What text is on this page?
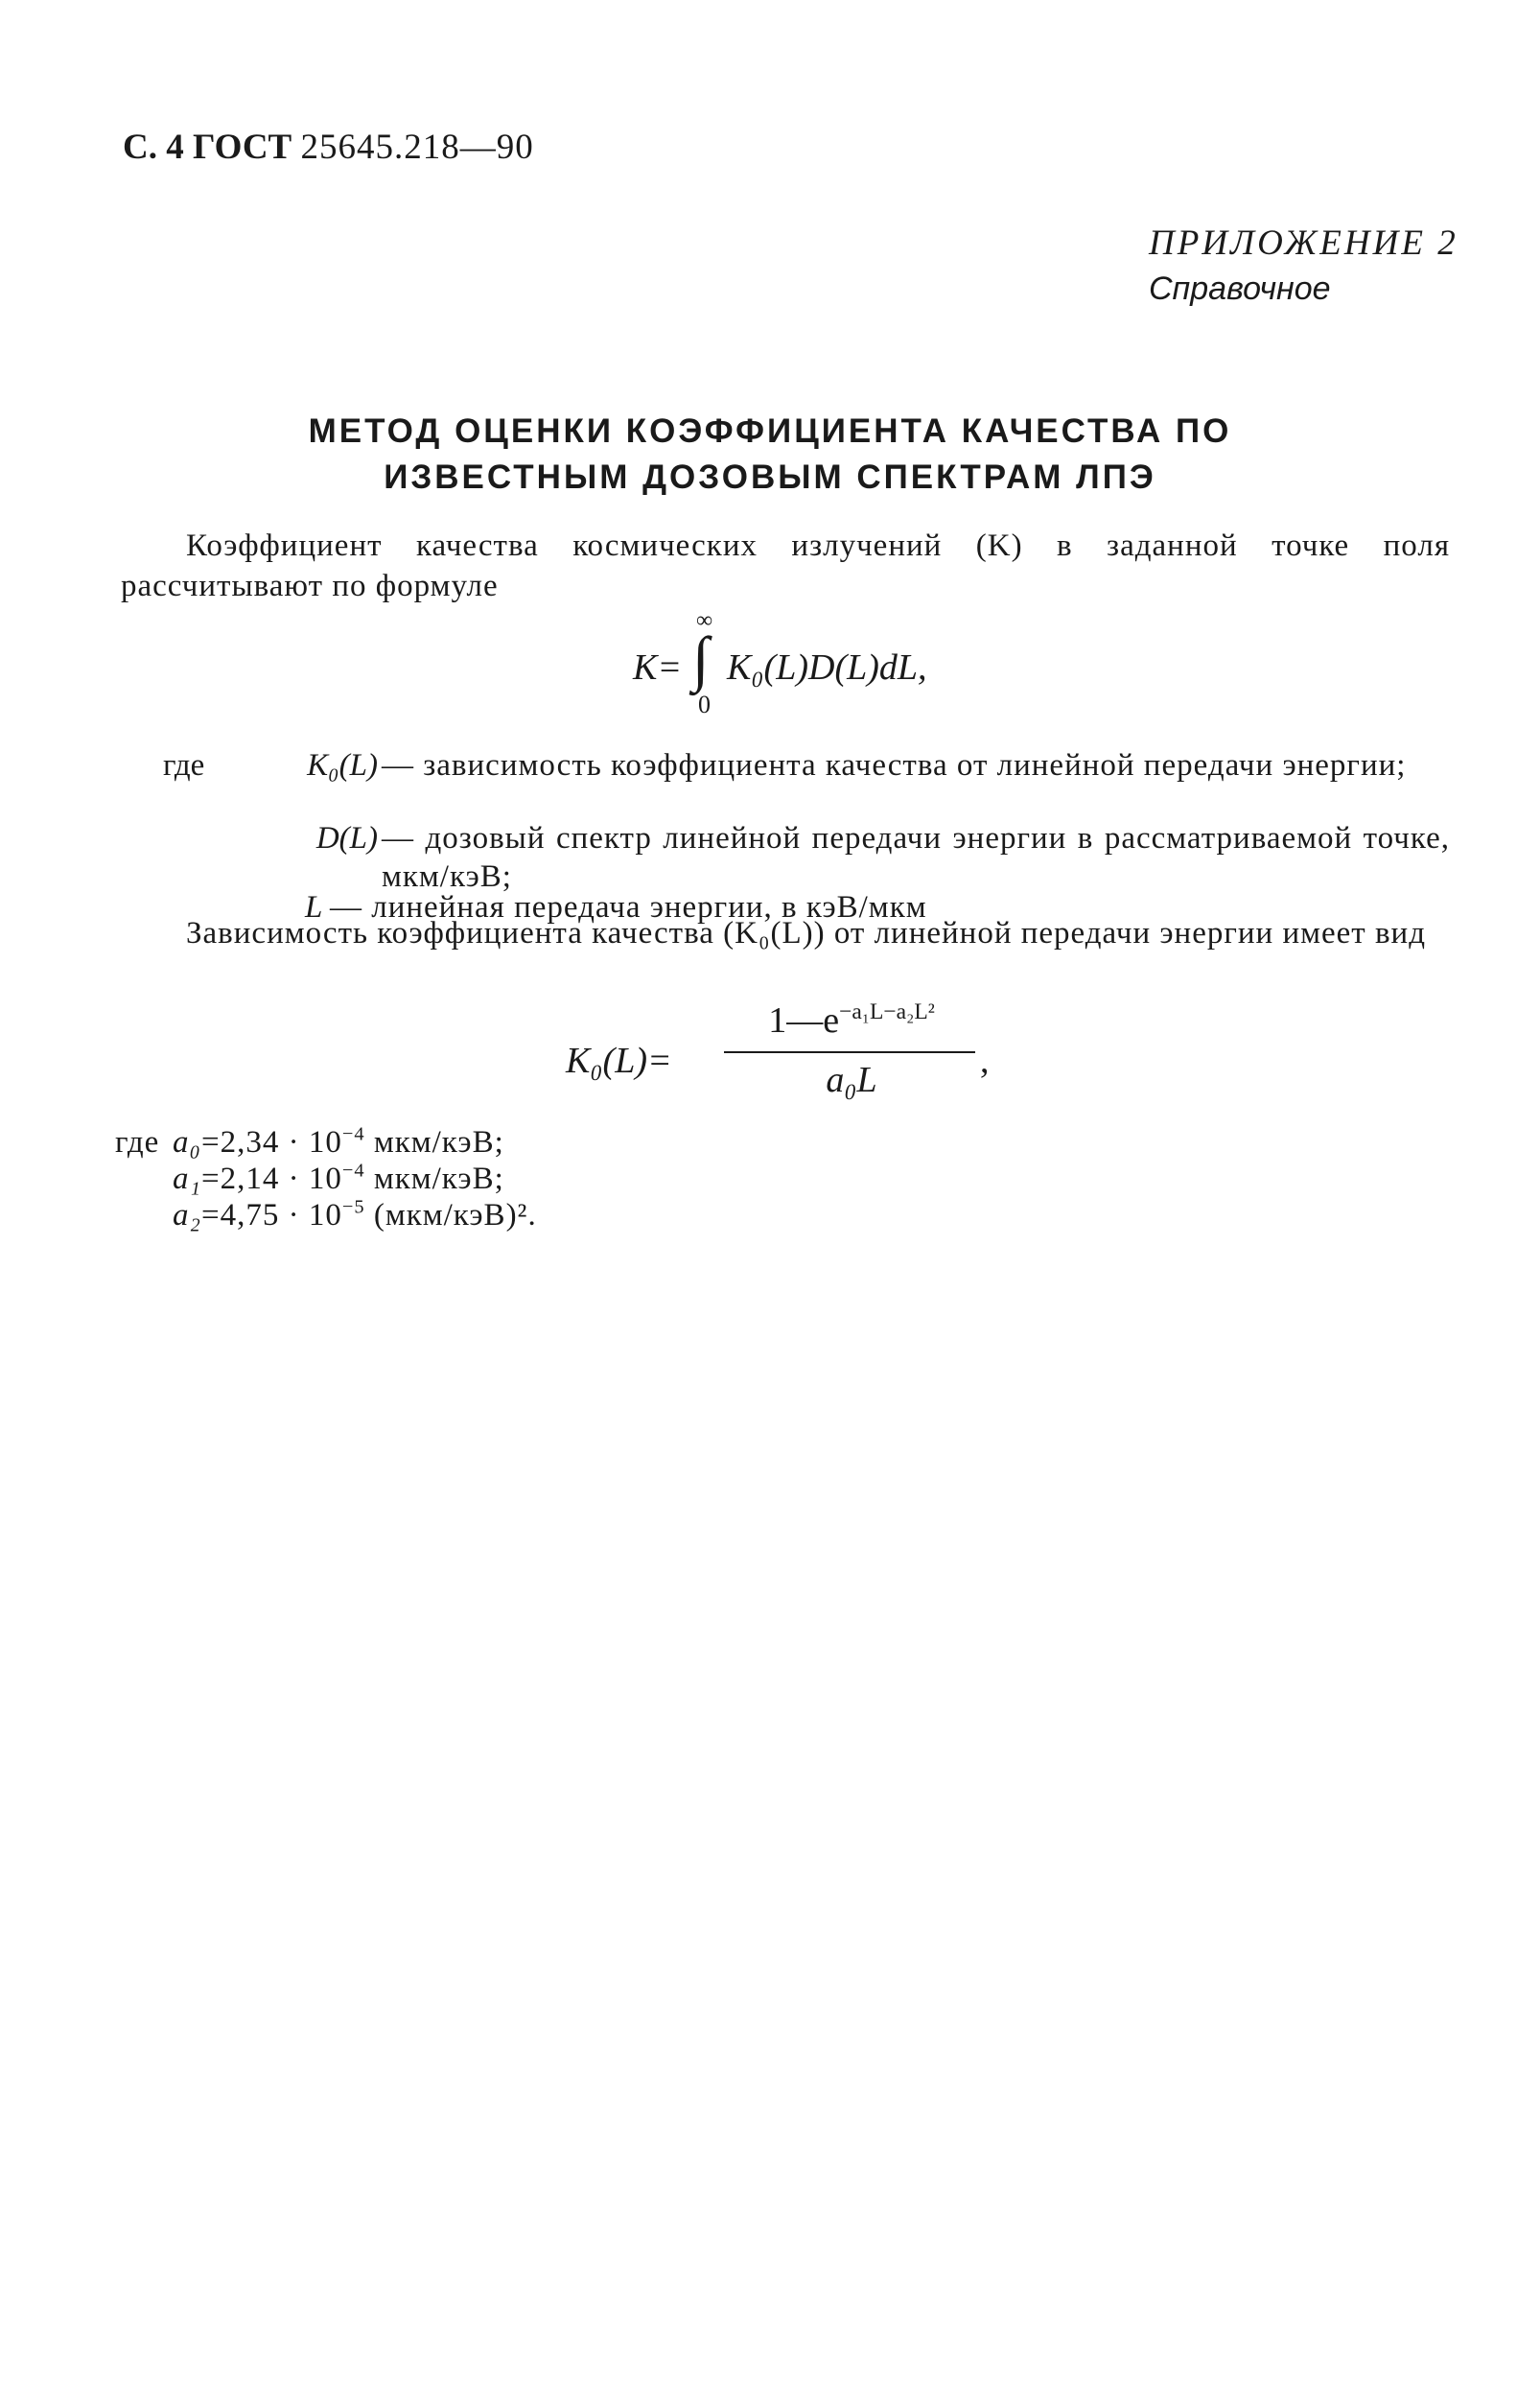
С. 4 ГОСТ 25645.218—90
ПРИЛОЖЕНИЕ 2
Справочное
МЕТОД ОЦЕНКИ КОЭФФИЦИЕНТА КАЧЕСТВА ПО
ИЗВЕСТНЫМ ДОЗОВЫМ СПЕКТРАМ ЛПЭ
Коэффициент качества космических излучений (K) в заданной точке поля рассчитывают по формуле
K=
∞
∫
0
K₀(L)D(L)dL,
где	K₀(L) — зависимость коэффициента качества от линейной передачи энергии;
D(L) — дозовый спектр линейной передачи энергии в рассматриваемой точке, мкм/кэВ;
L — линейная передача энергии, в кэВ/мкм
Зависимость коэффициента качества (K₀(L)) от линейной передачи энергии имеет вид
K₀(L)=
$1—e^{-a_1L-a_2L^2}$
a₀L	,
где $a_0=2,34 \cdot 10^{-4}$ мкм/кэВ;
$a_1=2,14 \cdot 10^{-4}$ мкм/кэВ;
$a_2=4,75 \cdot 10^{-5}$ (мкм/кэВ)².
